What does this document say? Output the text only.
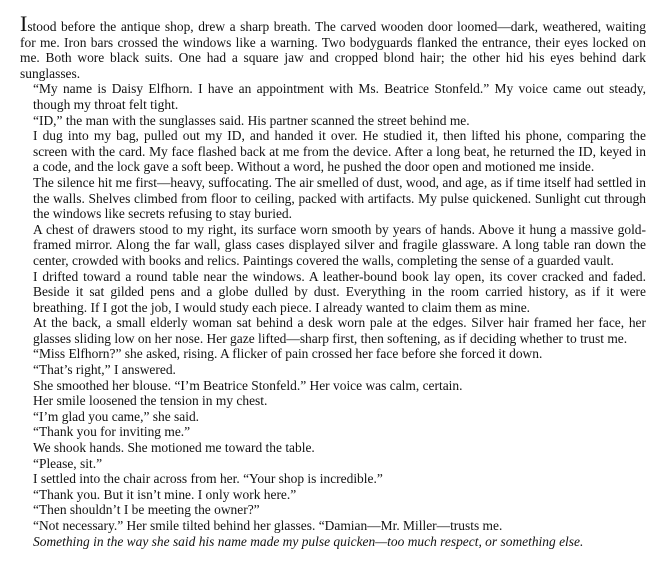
Istood before the antique shop, drew a sharp breath. The carved wooden door loomed—dark, weathered, waiting for me. Iron bars crossed the windows like a warning. Two bodyguards flanked the entrance, their eyes locked on me. Both wore black suits. One had a square jaw and cropped blond hair; the other hid his eyes behind dark sunglasses.

“My name is Daisy Elfhorn. I have an appointment with Ms. Beatrice Stonfeld.” My voice came out steady, though my throat felt tight.

“ID,” the man with the sunglasses said. His partner scanned the street behind me.

I dug into my bag, pulled out my ID, and handed it over. He studied it, then lifted his phone, comparing the screen with the card. My face flashed back at me from the device. After a long beat, he returned the ID, keyed in a code, and the lock gave a soft beep. Without a word, he pushed the door open and motioned me inside.

The silence hit me first—heavy, suffocating. The air smelled of dust, wood, and age, as if time itself had settled in the walls. Shelves climbed from floor to ceiling, packed with artifacts. My pulse quickened. Sunlight cut through the windows like secrets refusing to stay buried.

A chest of drawers stood to my right, its surface worn smooth by years of hands. Above it hung a massive gold-framed mirror. Along the far wall, glass cases displayed silver and fragile glassware. A long table ran down the center, crowded with books and relics. Paintings covered the walls, completing the sense of a guarded vault.

I drifted toward a round table near the windows. A leather-bound book lay open, its cover cracked and faded. Beside it sat gilded pens and a globe dulled by dust. Everything in the room carried history, as if it were breathing. If I got the job, I would study each piece. I already wanted to claim them as mine.

At the back, a small elderly woman sat behind a desk worn pale at the edges. Silver hair framed her face, her glasses sliding low on her nose. Her gaze lifted—sharp first, then softening, as if deciding whether to trust me.

“Miss Elfhorn?” she asked, rising. A flicker of pain crossed her face before she forced it down.

“That’s right,” I answered.

She smoothed her blouse. “I’m Beatrice Stonfeld.” Her voice was calm, certain.

Her smile loosened the tension in my chest.

“I’m glad you came,” she said.

“Thank you for inviting me.”

We shook hands. She motioned me toward the table.

“Please, sit.”

I settled into the chair across from her. “Your shop is incredible.”

“Thank you. But it isn’t mine. I only work here.”

“Then shouldn’t I be meeting the owner?”

“Not necessary.” Her smile tilted behind her glasses. “Damian—Mr. Miller—trusts me.

Something in the way she said his name made my pulse quicken—too much respect, or something else.
